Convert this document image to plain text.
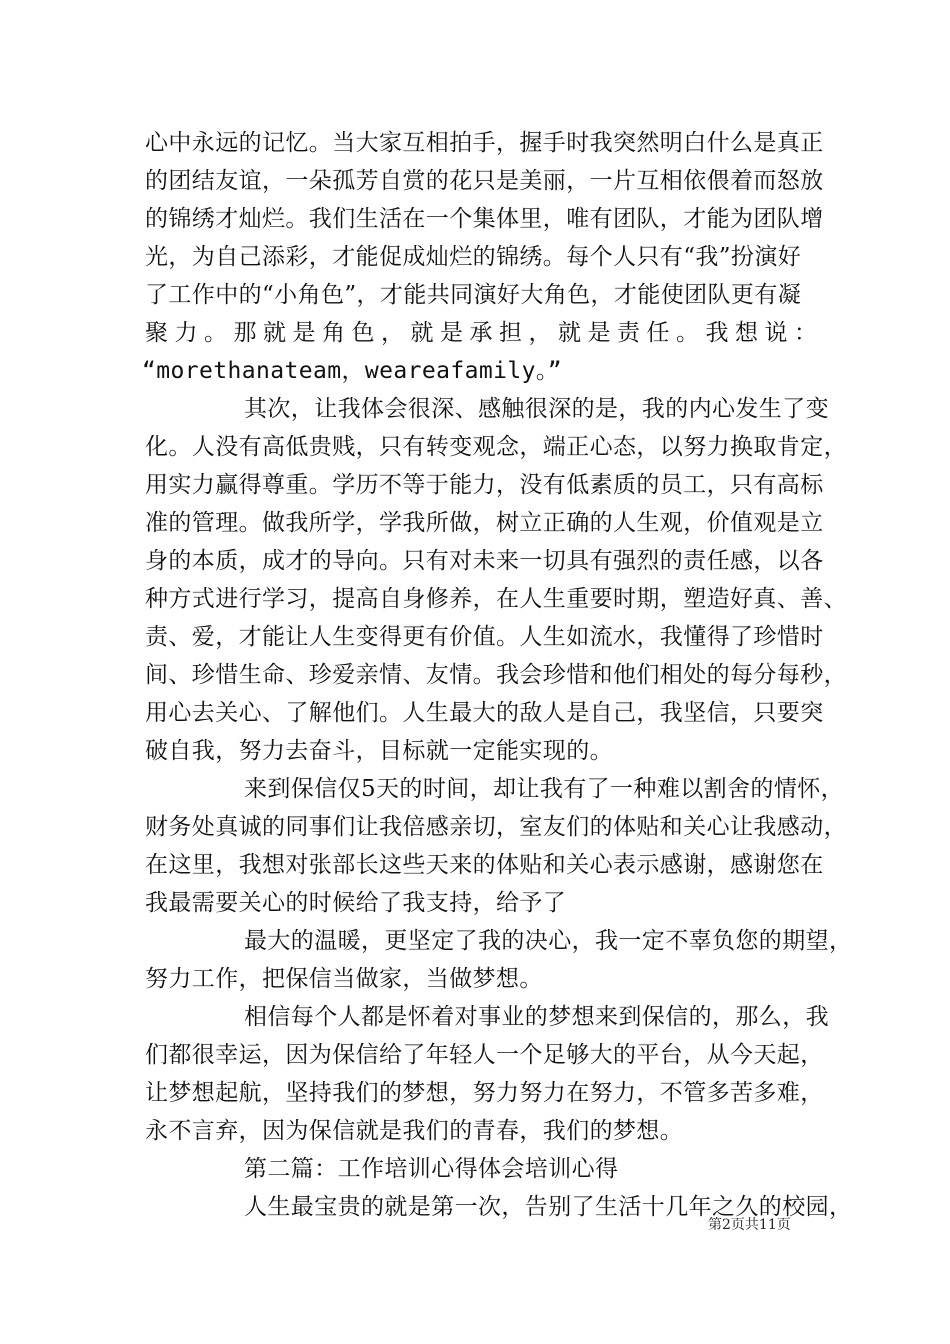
心中永远的记忆。当大家互相拍手，握手时我突然明白什么是真正
的团结友谊，一朵孤芳自赏的花只是美丽，一片互相依偎着而怒放
的锦绣才灿烂。我们生活在一个集体里，唯有团队，才能为团队增
光，为自己添彩，才能促成灿烂的锦绣。每个人只有“我”扮演好
了工作中的“小角色”，才能共同演好大角色，才能使团队更有凝
聚力。那就是角色，就是承担，就是责任。我想说：
“morethanateam，weareafamily。”
其次，让我体会很深、感触很深的是，我的内心发生了变
化。人没有高低贵贱，只有转变观念，端正心态，以努力换取肯定，
用实力赢得尊重。学历不等于能力，没有低素质的员工，只有高标
准的管理。做我所学，学我所做，树立正确的人生观，价值观是立
身的本质，成才的导向。只有对未来一切具有强烈的责任感，以各
种方式进行学习，提高自身修养，在人生重要时期，塑造好真、善、
责、爱，才能让人生变得更有价值。人生如流水，我懂得了珍惜时
间、珍惜生命、珍爱亲情、友情。我会珍惜和他们相处的每分每秒，
用心去关心、了解他们。人生最大的敌人是自己，我坚信，只要突
破自我，努力去奋斗，目标就一定能实现的。
来到保信仅5天的时间，却让我有了一种难以割舍的情怀，
财务处真诚的同事们让我倍感亲切，室友们的体贴和关心让我感动，
在这里，我想对张部长这些天来的体贴和关心表示感谢，感谢您在
我最需要关心的时候给了我支持，给予了
最大的温暖，更坚定了我的决心，我一定不辜负您的期望，
努力工作，把保信当做家，当做梦想。
相信每个人都是怀着对事业的梦想来到保信的，那么，我
们都很幸运，因为保信给了年轻人一个足够大的平台，从今天起，
让梦想起航，坚持我们的梦想，努力努力在努力，不管多苦多难，
永不言弃，因为保信就是我们的青春，我们的梦想。
第二篇：工作培训心得体会培训心得
人生最宝贵的就是第一次，告别了生活十几年之久的校园，
第2页共11页
